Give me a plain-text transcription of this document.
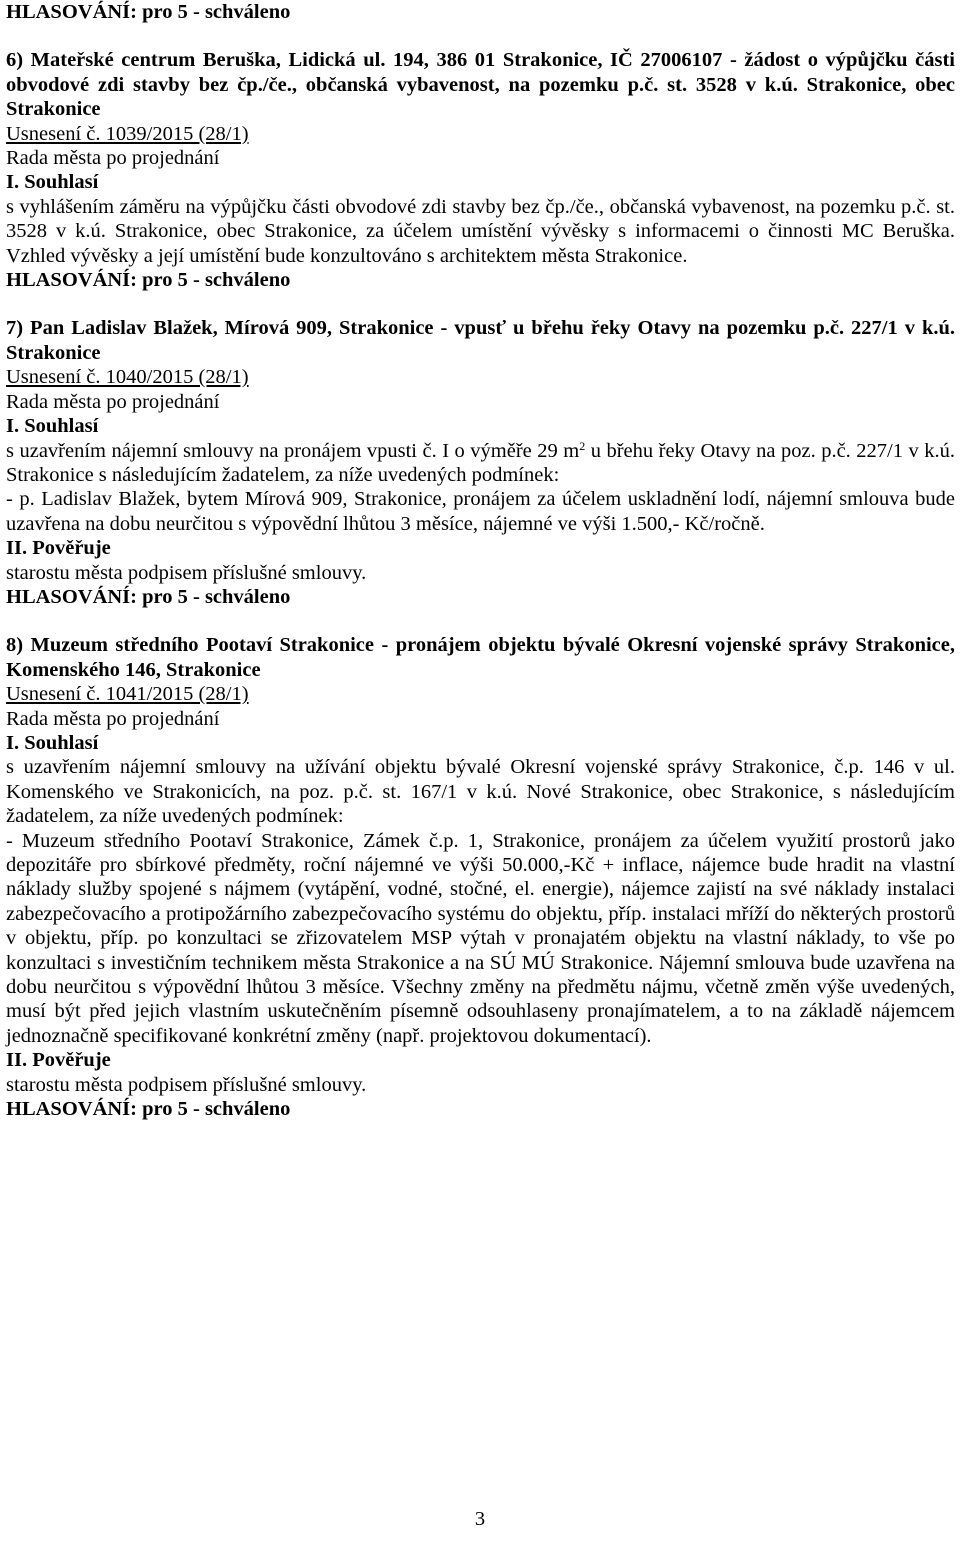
HLASOVÁNÍ: pro 5 - schváleno

6) Mateřské centrum Beruška, Lidická ul. 194, 386 01 Strakonice, IČ 27006107 - žádost o výpůjčku části obvodové zdi stavby bez čp./če., občanská vybavenost, na pozemku p.č. st. 3528 v k.ú. Strakonice, obec Strakonice

Usnesení č. 1039/2015 (28/1)

Rada města po projednání

I. Souhlasí

s vyhlášením záměru na výpůjčku části obvodové zdi stavby bez čp./če., občanská vybavenost, na pozemku p.č. st. 3528 v k.ú. Strakonice, obec Strakonice, za účelem umístění vývěsky s informacemi o činnosti MC Beruška. Vzhled vývěsky a její umístění bude konzultováno s architektem města Strakonice.

HLASOVÁNÍ: pro 5 - schváleno

7) Pan Ladislav Blažek, Mírová 909, Strakonice - vpusť u břehu řeky Otavy na pozemku p.č. 227/1 v k.ú. Strakonice

Usnesení č. 1040/2015 (28/1)

Rada města po projednání

I. Souhlasí

s uzavřením nájemní smlouvy na pronájem vpusti č. I o výměře 29 $m^2$ u břehu řeky Otavy na poz. p.č. 227/1 v k.ú. Strakonice s následujícím žadatelem, za níže uvedených podmínek:

- p. Ladislav Blažek, bytem Mírová 909, Strakonice, pronájem za účelem uskladnění lodí, nájemní smlouva bude uzavřena na dobu neurčitou s výpovědní lhůtou 3 měsíce, nájemné ve výši 1.500,- Kč/ročně.

II. Pověřuje

starostu města podpisem příslušné smlouvy.

HLASOVÁNÍ: pro 5 - schváleno

8) Muzeum středního Pootaví Strakonice - pronájem objektu bývalé Okresní vojenské správy Strakonice, Komenského 146, Strakonice

Usnesení č. 1041/2015 (28/1)

Rada města po projednání

I. Souhlasí

s uzavřením nájemní smlouvy na užívání objektu bývalé Okresní vojenské správy Strakonice, č.p. 146 v ul. Komenského ve Strakonicích, na poz. p.č. st. 167/1 v k.ú. Nové Strakonice, obec Strakonice, s následujícím žadatelem, za níže uvedených podmínek:

- Muzeum středního Pootaví Strakonice, Zámek č.p. 1, Strakonice, pronájem za účelem využití prostorů jako depozitáře pro sbírkové předměty, roční nájemné ve výši 50.000,-Kč + inflace, nájemce bude hradit na vlastní náklady služby spojené s nájmem (vytápění, vodné, stočné, el. energie), nájemce zajistí na své náklady instalaci zabezpečovacího a protipožárního zabezpečovacího systému do objektu, příp. instalaci mříží do některých prostorů v objektu, příp. po konzultaci se zřizovatelem MSP výtah v pronajatém objektu na vlastní náklady, to vše po konzultaci s investičním technikem města Strakonice a na SÚ MÚ Strakonice. Nájemní smlouva bude uzavřena na dobu neurčitou s výpovědní lhůtou 3 měsíce. Všechny změny na předmětu nájmu, včetně změn výše uvedených, musí být před jejich vlastním uskutečněním písemně odsouhlaseny pronajímatelem, a to na základě nájemcem jednoznačně specifikované konkrétní změny (např. projektovou dokumentací).

II. Pověřuje

starostu města podpisem příslušné smlouvy.

HLASOVÁNÍ: pro 5 - schváleno

3
